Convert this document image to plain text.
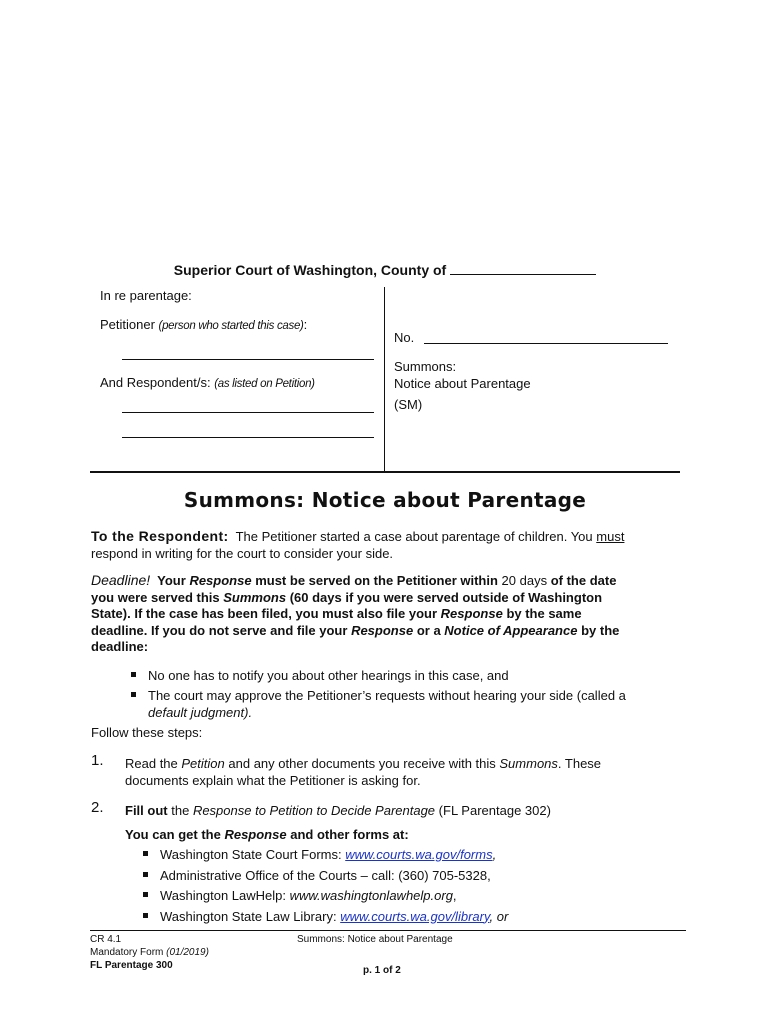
Superior Court of Washington, County of
In re parentage:
Petitioner (person who started this case):
And Respondent/s: (as listed on Petition)
No.
Summons:
Notice about Parentage
(SM)
Summons: Notice about Parentage
To the Respondent: The Petitioner started a case about parentage of children. You must
respond in writing for the court to consider your side.
Deadline! Your Response must be served on the Petitioner within 20 days of the date
you were served this Summons (60 days if you were served outside of Washington
State). If the case has been filed, you must also file your Response by the same
deadline. If you do not serve and file your Response or a Notice of Appearance by the
deadline:
No one has to notify you about other hearings in this case, and
The court may approve the Petitioner’s requests without hearing your side (called a
default judgment).
Follow these steps:
1. Read the Petition and any other documents you receive with this Summons. These
documents explain what the Petitioner is asking for.
2. Fill out the Response to Petition to Decide Parentage (FL Parentage 302)
You can get the Response and other forms at:
Washington State Court Forms: www.courts.wa.gov/forms,
Administrative Office of the Courts – call: (360) 705-5328,
Washington LawHelp: www.washingtonlawhelp.org,
Washington State Law Library: www.courts.wa.gov/library, or
CR 4.1
Mandatory Form (01/2019)
FL Parentage 300
Summons: Notice about Parentage
p. 1 of 2
